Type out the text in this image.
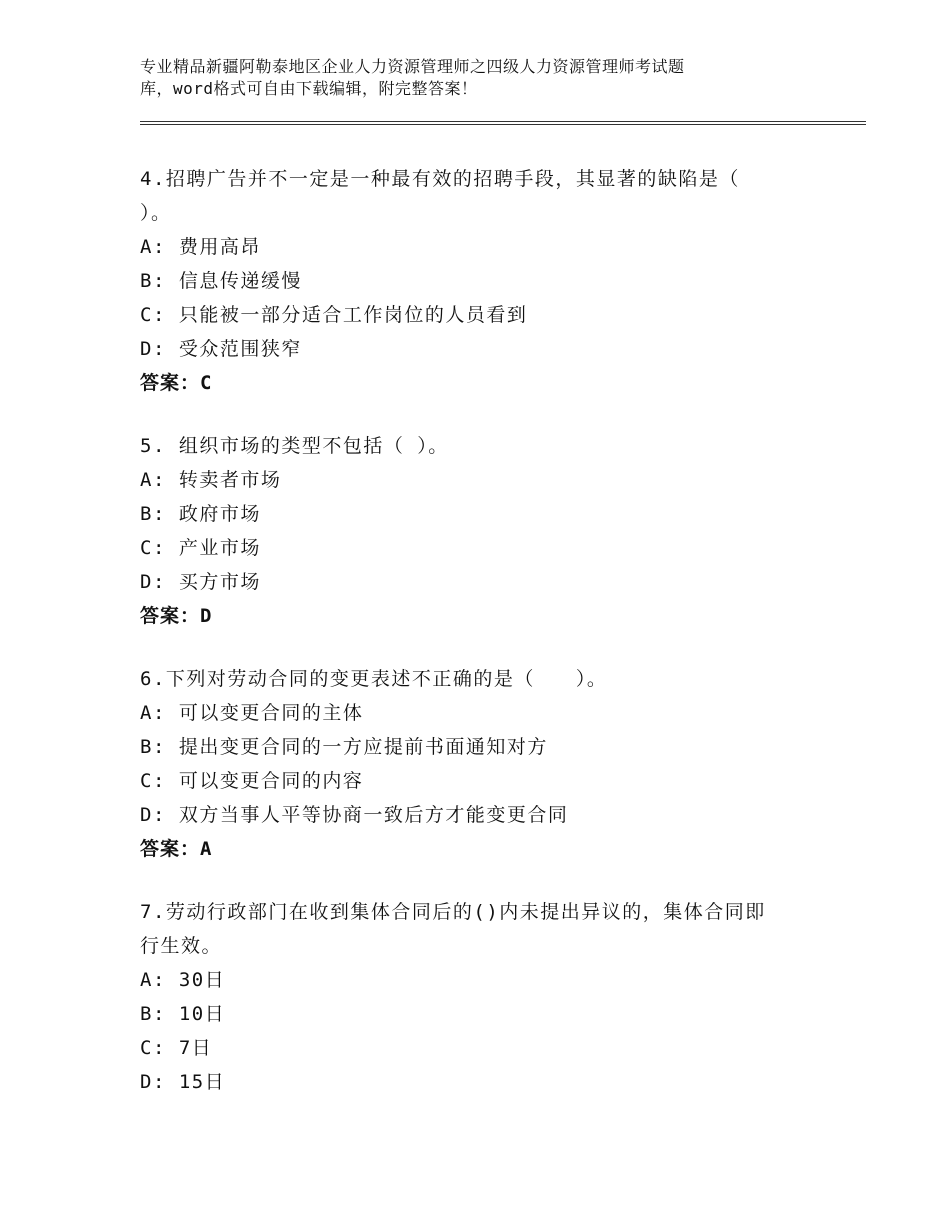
专业精品新疆阿勒泰地区企业人力资源管理师之四级人力资源管理师考试题
库，word格式可自由下载编辑，附完整答案！
4.招聘广告并不一定是一种最有效的招聘手段，其显著的缺陷是（
）。
A: 费用高昂
B: 信息传递缓慢
C: 只能被一部分适合工作岗位的人员看到
D: 受众范围狭窄
答案：C
5. 组织市场的类型不包括（ ）。
A: 转卖者市场
B: 政府市场
C: 产业市场
D: 买方市场
答案：D
6.下列对劳动合同的变更表述不正确的是（　　）。
A: 可以变更合同的主体
B: 提出变更合同的一方应提前书面通知对方
C: 可以变更合同的内容
D: 双方当事人平等协商一致后方才能变更合同
答案：A
7.劳动行政部门在收到集体合同后的()内未提出异议的，集体合同即
行生效。
A: 30日
B: 10日
C: 7日
D: 15日
